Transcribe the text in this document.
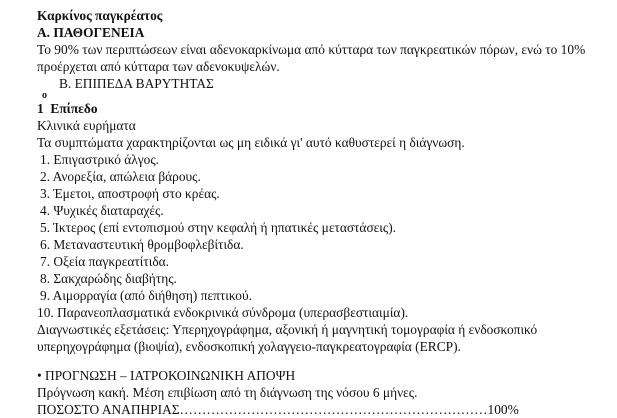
Καρκίνος παγκρέατος
Α. ΠΑΘΟΓΕΝΕΙΑ
Το 90% των περιπτώσεων είναι αδενοκαρκίνωμα από κύτταρα των παγκρεατικών πόρων, ενώ το 10% προέρχεται από κύτταρα των αδενοκυψελών.
Β. ΕΠΙΠΕΔΑ ΒΑΡΥΤΗΤΑΣ
ο
1 Επίπεδο
Κλινικά ευρήματα
Τα συμπτώματα χαρακτηρίζονται ως μη ειδικά γι' αυτό καθυστερεί η διάγνωση.
1. Επιγαστρικό άλγος.
2. Ανορεξία, απώλεια βάρους.
3. Έμετοι, αποστροφή στο κρέας.
4. Ψυχικές διαταραχές.
5. Ίκτερος (επί εντοπισμού στην κεφαλή ή ηπατικές μεταστάσεις).
6. Μεταναστευτική θρομβοφλεβίτιδα.
7. Οξεία παγκρεατίτιδα.
8. Σακχαρώδης διαβήτης.
9. Αιμορραγία (από διήθηση) πεπτικού.
10. Παρανεοπλασματικά ενδοκρινικά σύνδρομα (υπερασβεστιαιμία).
Διαγνωστικές εξετάσεις: Υπερηχογράφημα, αξονική ή μαγνητική τομογραφία ή ενδοσκοπικό υπερηχογράφημα (βιοψία), ενδοσκοπική χολαγγειο-παγκρεατογραφία (ERCP).
• ΠΡΟΓΝΩΣΗ – ΙΑΤΡΟΚΟΙΝΩΝΙΚΗ ΑΠΟΨΗ
Πρόγνωση κακή. Μέση επιβίωση από τη διάγνωση της νόσου 6 μήνες.
ΠΟΣΟΣΤΟ ΑΝΑΠΗΡΙΑΣ……………………………………………………………100%
